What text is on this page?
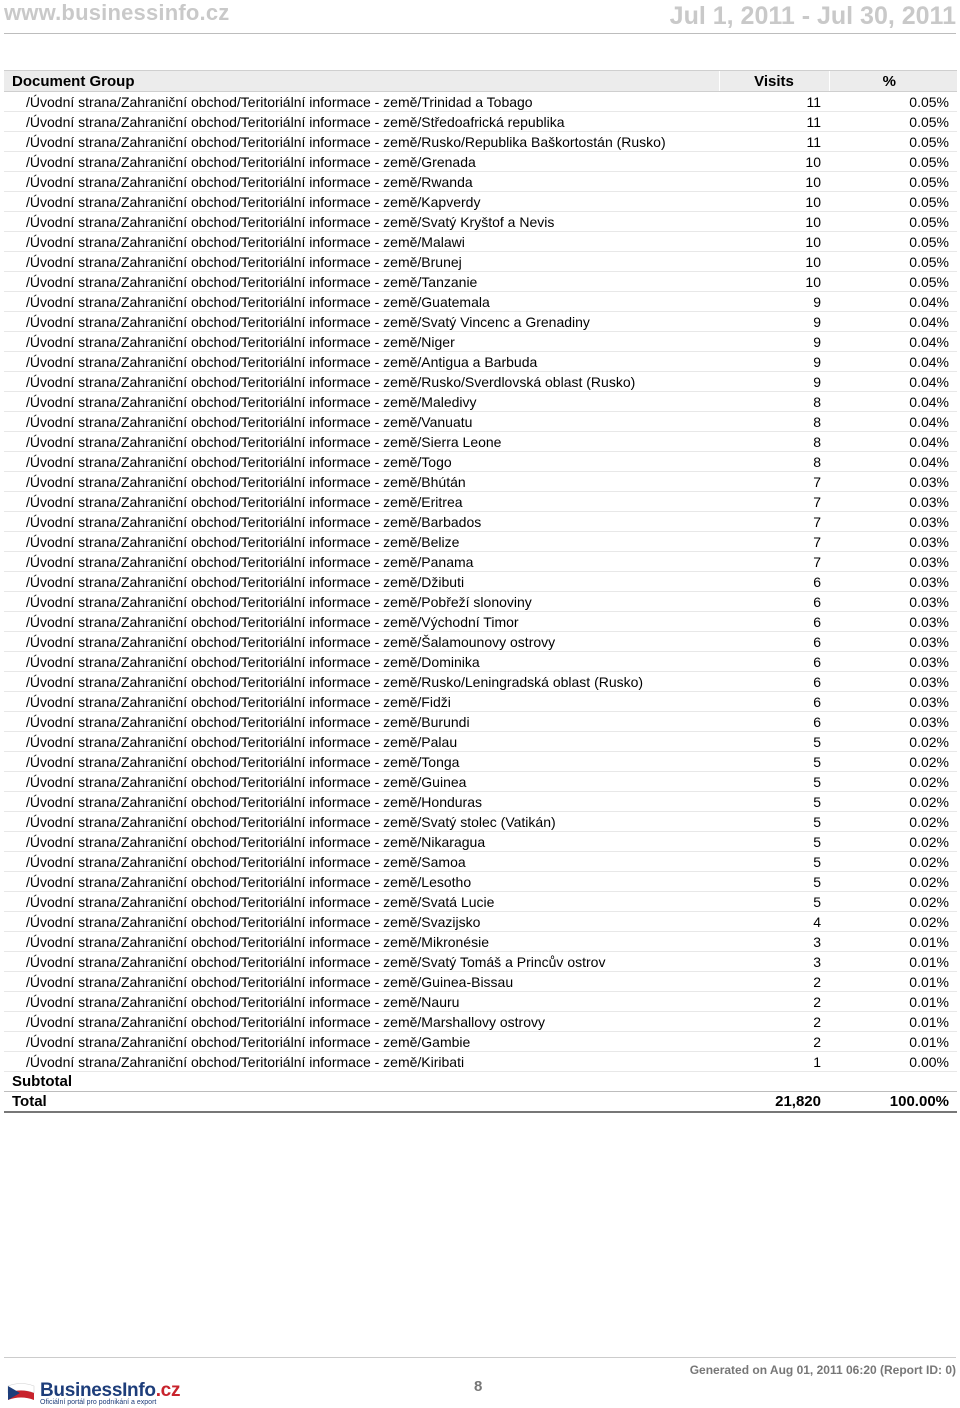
www.businessinfo.cz	Jul 1, 2011 - Jul 30, 2011
Document Group	Visits	%
/Úvodní strana/Zahraniční obchod/Teritoriální informace - země/Trinidad a Tobago	11	0.05%
/Úvodní strana/Zahraniční obchod/Teritoriální informace - země/Středoafrická republika	11	0.05%
/Úvodní strana/Zahraniční obchod/Teritoriální informace - země/Rusko/Republika Baškortostán (Rusko)	11	0.05%
/Úvodní strana/Zahraniční obchod/Teritoriální informace - země/Grenada	10	0.05%
/Úvodní strana/Zahraniční obchod/Teritoriální informace - země/Rwanda	10	0.05%
/Úvodní strana/Zahraniční obchod/Teritoriální informace - země/Kapverdy	10	0.05%
/Úvodní strana/Zahraniční obchod/Teritoriální informace - země/Svatý Kryštof a Nevis	10	0.05%
/Úvodní strana/Zahraniční obchod/Teritoriální informace - země/Malawi	10	0.05%
/Úvodní strana/Zahraniční obchod/Teritoriální informace - země/Brunej	10	0.05%
/Úvodní strana/Zahraniční obchod/Teritoriální informace - země/Tanzanie	10	0.05%
/Úvodní strana/Zahraniční obchod/Teritoriální informace - země/Guatemala	9	0.04%
/Úvodní strana/Zahraniční obchod/Teritoriální informace - země/Svatý Vincenc a Grenadiny	9	0.04%
/Úvodní strana/Zahraniční obchod/Teritoriální informace - země/Niger	9	0.04%
/Úvodní strana/Zahraniční obchod/Teritoriální informace - země/Antigua a Barbuda	9	0.04%
/Úvodní strana/Zahraniční obchod/Teritoriální informace - země/Rusko/Sverdlovská oblast (Rusko)	9	0.04%
/Úvodní strana/Zahraniční obchod/Teritoriální informace - země/Maledivy	8	0.04%
/Úvodní strana/Zahraniční obchod/Teritoriální informace - země/Vanuatu	8	0.04%
/Úvodní strana/Zahraniční obchod/Teritoriální informace - země/Sierra Leone	8	0.04%
/Úvodní strana/Zahraniční obchod/Teritoriální informace - země/Togo	8	0.04%
/Úvodní strana/Zahraniční obchod/Teritoriální informace - země/Bhútán	7	0.03%
/Úvodní strana/Zahraniční obchod/Teritoriální informace - země/Eritrea	7	0.03%
/Úvodní strana/Zahraniční obchod/Teritoriální informace - země/Barbados	7	0.03%
/Úvodní strana/Zahraniční obchod/Teritoriální informace - země/Belize	7	0.03%
/Úvodní strana/Zahraniční obchod/Teritoriální informace - země/Panama	7	0.03%
/Úvodní strana/Zahraniční obchod/Teritoriální informace - země/Džibuti	6	0.03%
/Úvodní strana/Zahraniční obchod/Teritoriální informace - země/Pobřeží slonoviny	6	0.03%
/Úvodní strana/Zahraniční obchod/Teritoriální informace - země/Východní Timor	6	0.03%
/Úvodní strana/Zahraniční obchod/Teritoriální informace - země/Šalamounovy ostrovy	6	0.03%
/Úvodní strana/Zahraniční obchod/Teritoriální informace - země/Dominika	6	0.03%
/Úvodní strana/Zahraniční obchod/Teritoriální informace - země/Rusko/Leningradská oblast (Rusko)	6	0.03%
/Úvodní strana/Zahraniční obchod/Teritoriální informace - země/Fidži	6	0.03%
/Úvodní strana/Zahraniční obchod/Teritoriální informace - země/Burundi	6	0.03%
/Úvodní strana/Zahraniční obchod/Teritoriální informace - země/Palau	5	0.02%
/Úvodní strana/Zahraniční obchod/Teritoriální informace - země/Tonga	5	0.02%
/Úvodní strana/Zahraniční obchod/Teritoriální informace - země/Guinea	5	0.02%
/Úvodní strana/Zahraniční obchod/Teritoriální informace - země/Honduras	5	0.02%
/Úvodní strana/Zahraniční obchod/Teritoriální informace - země/Svatý stolec (Vatikán)	5	0.02%
/Úvodní strana/Zahraniční obchod/Teritoriální informace - země/Nikaragua	5	0.02%
/Úvodní strana/Zahraniční obchod/Teritoriální informace - země/Samoa	5	0.02%
/Úvodní strana/Zahraniční obchod/Teritoriální informace - země/Lesotho	5	0.02%
/Úvodní strana/Zahraniční obchod/Teritoriální informace - země/Svatá Lucie	5	0.02%
/Úvodní strana/Zahraniční obchod/Teritoriální informace - země/Svazijsko	4	0.02%
/Úvodní strana/Zahraniční obchod/Teritoriální informace - země/Mikronésie	3	0.01%
/Úvodní strana/Zahraniční obchod/Teritoriální informace - země/Svatý Tomáš a Princův ostrov	3	0.01%
/Úvodní strana/Zahraniční obchod/Teritoriální informace - země/Guinea-Bissau	2	0.01%
/Úvodní strana/Zahraniční obchod/Teritoriální informace - země/Nauru	2	0.01%
/Úvodní strana/Zahraniční obchod/Teritoriální informace - země/Marshallovy ostrovy	2	0.01%
/Úvodní strana/Zahraniční obchod/Teritoriální informace - země/Gambie	2	0.01%
/Úvodní strana/Zahraniční obchod/Teritoriální informace - země/Kiribati	1	0.00%
Subtotal		
Total	21,820	100.00%
BusinessInfo.cz
Oficiální portál pro podnikání a export
8
Generated on Aug 01, 2011 06:20 (Report ID: 0)
